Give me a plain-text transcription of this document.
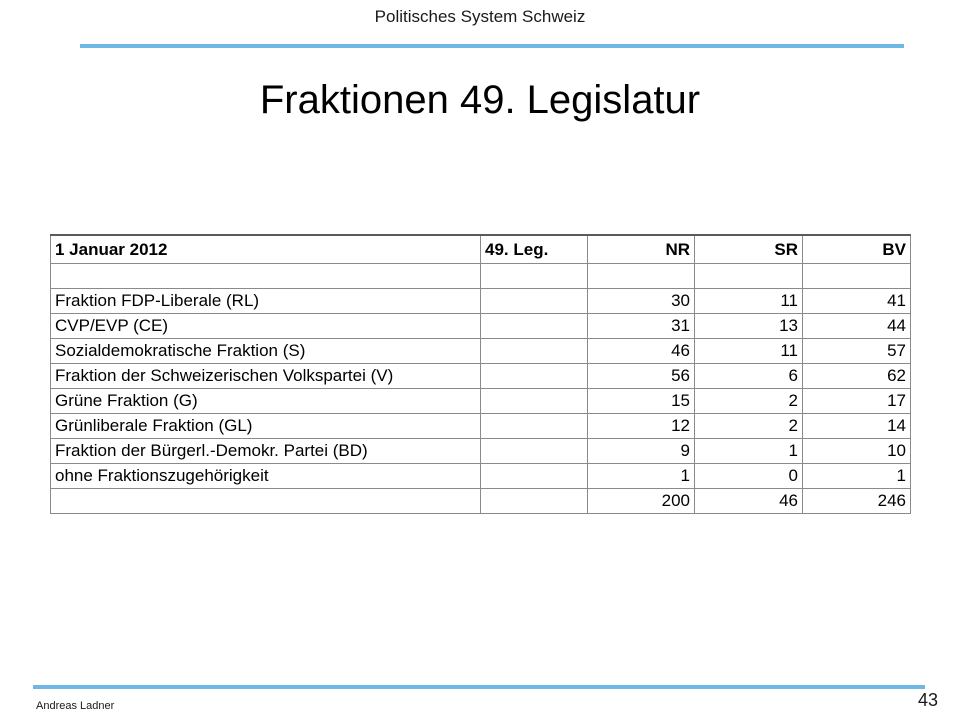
Politisches System Schweiz
Fraktionen 49. Legislatur
1 Januar 2012	49. Leg.	NR	SR	BV

Fraktion FDP-Liberale (RL)		30	11	41
CVP/EVP (CE)		31	13	44
Sozialdemokratische Fraktion (S)		46	11	57
Fraktion der Schweizerischen Volkspartei (V)		56	6	62
Grüne Fraktion (G)		15	2	17
Grünliberale Fraktion (GL)		12	2	14
Fraktion der Bürgerl.-Demokr. Partei (BD)		9	1	10
ohne Fraktionszugehörigkeit		1	0	1
		200	46	246
Andreas Ladner	43
